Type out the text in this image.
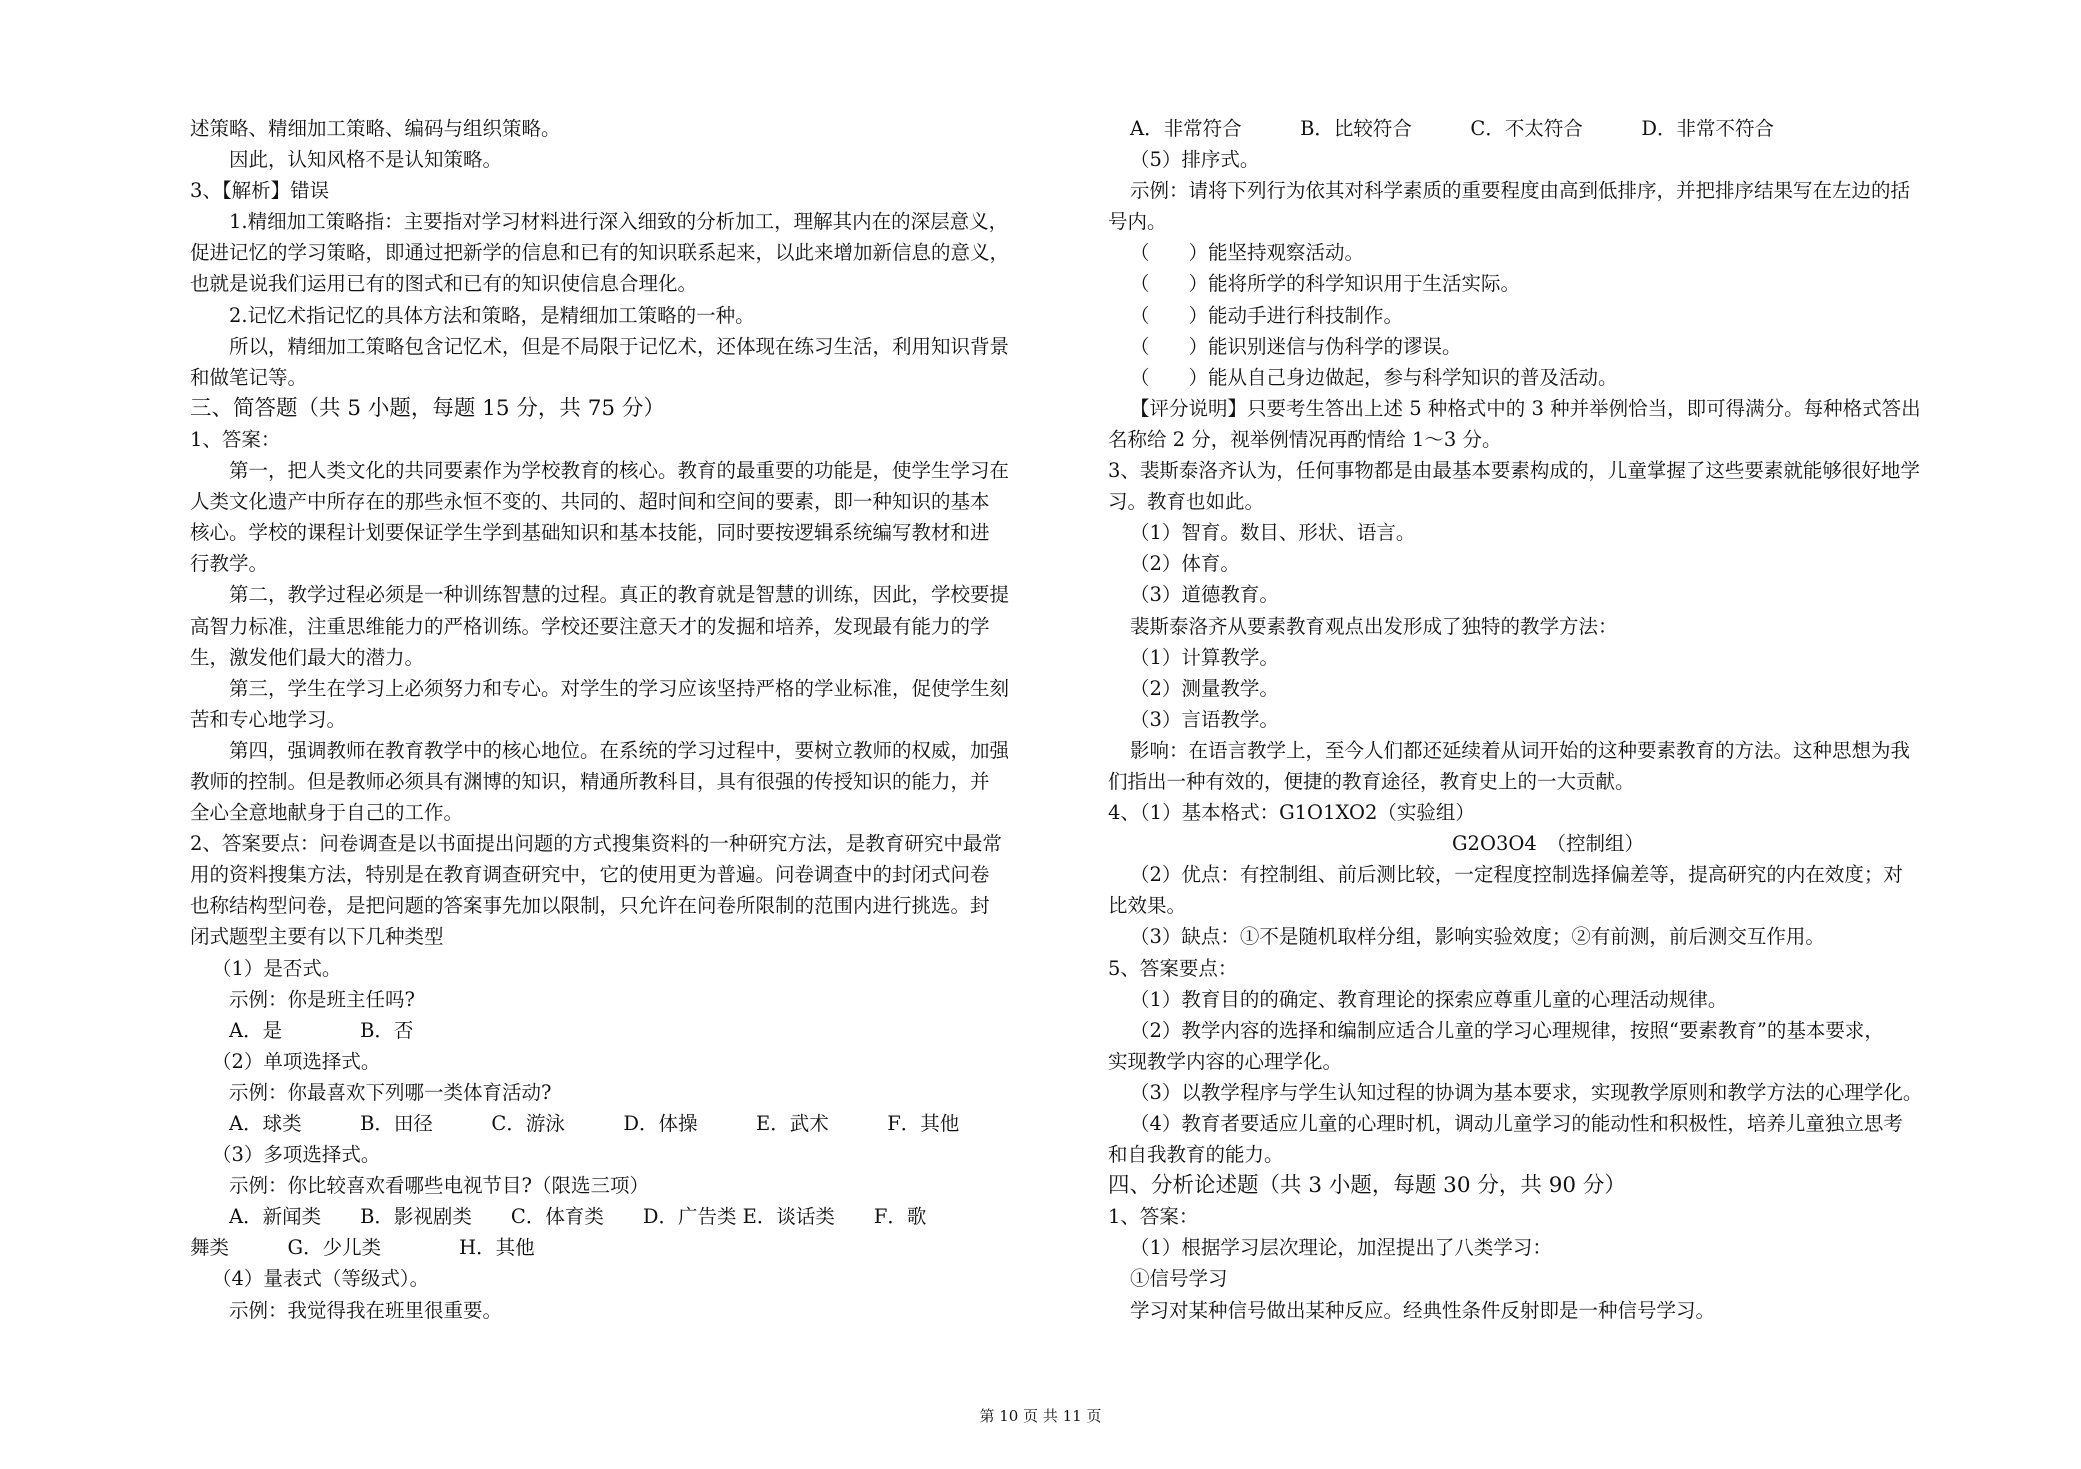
述策略、精细加工策略、编码与组织策略。
因此，认知风格不是认知策略。
3、【解析】错误
1.精细加工策略指：主要指对学习材料进行深入细致的分析加工，理解其内在的深层意义，
促进记忆的学习策略，即通过把新学的信息和已有的知识联系起来，以此来增加新信息的意义，
也就是说我们运用已有的图式和已有的知识使信息合理化。
2.记忆术指记忆的具体方法和策略，是精细加工策略的一种。
所以，精细加工策略包含记忆术，但是不局限于记忆术，还体现在练习生活，利用知识背景
和做笔记等。
三、简答题（共 5 小题，每题 15 分，共 75 分）
1、答案：
第一，把人类文化的共同要素作为学校教育的核心。教育的最重要的功能是，使学生学习在
人类文化遗产中所存在的那些永恒不变的、共同的、超时间和空间的要素，即一种知识的基本
核心。学校的课程计划要保证学生学到基础知识和基本技能，同时要按逻辑系统编写教材和进
行教学。
第二，教学过程必须是一种训练智慧的过程。真正的教育就是智慧的训练，因此，学校要提
高智力标准，注重思维能力的严格训练。学校还要注意天才的发掘和培养，发现最有能力的学
生，激发他们最大的潜力。
第三，学生在学习上必须努力和专心。对学生的学习应该坚持严格的学业标准，促使学生刻
苦和专心地学习。
第四，强调教师在教育教学中的核心地位。在系统的学习过程中，要树立教师的权威，加强
教师的控制。但是教师必须具有渊博的知识，精通所教科目，具有很强的传授知识的能力，并
全心全意地献身于自己的工作。
2、答案要点：问卷调查是以书面提出问题的方式搜集资料的一种研究方法，是教育研究中最常
用的资料搜集方法，特别是在教育调查研究中，它的使用更为普遍。问卷调查中的封闭式问卷
也称结构型问卷，是把问题的答案事先加以限制，只允许在问卷所限制的范围内进行挑选。封
闭式题型主要有以下几种类型
（1）是否式。
示例：你是班主任吗?
A．是　　　　B．否
（2）单项选择式。
示例：你最喜欢下列哪一类体育活动?
A．球类　　　B．田径　　　C．游泳　　　D．体操　　　E．武术　　　F．其他
（3）多项选择式。
示例：你比较喜欢看哪些电视节目?（限选三项）
A．新闻类　　B．影视剧类　　C．体育类　　D．广告类 E．谈话类　　F．歌
舞类　　　G．少儿类　　　　H．其他
（4）量表式（等级式）。
示例：我觉得我在班里很重要。
A．非常符合　　　B．比较符合　　　C．不太符合　　　D．非常不符合
（5）排序式。
示例：请将下列行为依其对科学素质的重要程度由高到低排序，并把排序结果写在左边的括
号内。
（　　）能坚持观察活动。
（　　）能将所学的科学知识用于生活实际。
（　　）能动手进行科技制作。
（　　）能识别迷信与伪科学的谬误。
（　　）能从自己身边做起，参与科学知识的普及活动。
【评分说明】只要考生答出上述 5 种格式中的 3 种并举例恰当，即可得满分。每种格式答出
名称给 2 分，视举例情况再酌情给 1～3 分。
3、裴斯泰洛齐认为，任何事物都是由最基本要素构成的，儿童掌握了这些要素就能够很好地学
习。教育也如此。
（1）智育。数目、形状、语言。
（2）体育。
（3）道德教育。
裴斯泰洛齐从要素教育观点出发形成了独特的教学方法：
（1）计算教学。
（2）测量教学。
（3）言语教学。
影响：在语言教学上，至今人们都还延续着从词开始的这种要素教育的方法。这种思想为我
们指出一种有效的，便捷的教育途径，教育史上的一大贡献。
4、（1）基本格式：G1O1XO2（实验组）
G2O3O4　（控制组）
（2）优点：有控制组、前后测比较，一定程度控制选择偏差等，提高研究的内在效度；对
比效果。
（3）缺点：①不是随机取样分组，影响实验效度；②有前测，前后测交互作用。
5、答案要点：
（1）教育目的的确定、教育理论的探索应尊重儿童的心理活动规律。
（2）教学内容的选择和编制应适合儿童的学习心理规律，按照“要素教育”的基本要求，
实现教学内容的心理学化。
（3）以教学程序与学生认知过程的协调为基本要求，实现教学原则和教学方法的心理学化。
（4）教育者要适应儿童的心理时机，调动儿童学习的能动性和积极性，培养儿童独立思考
和自我教育的能力。
四、分析论述题（共 3 小题，每题 30 分，共 90 分）
1、答案：
（1）根据学习层次理论，加涅提出了八类学习：
①信号学习
学习对某种信号做出某种反应。经典性条件反射即是一种信号学习。
第 10 页 共 11 页
